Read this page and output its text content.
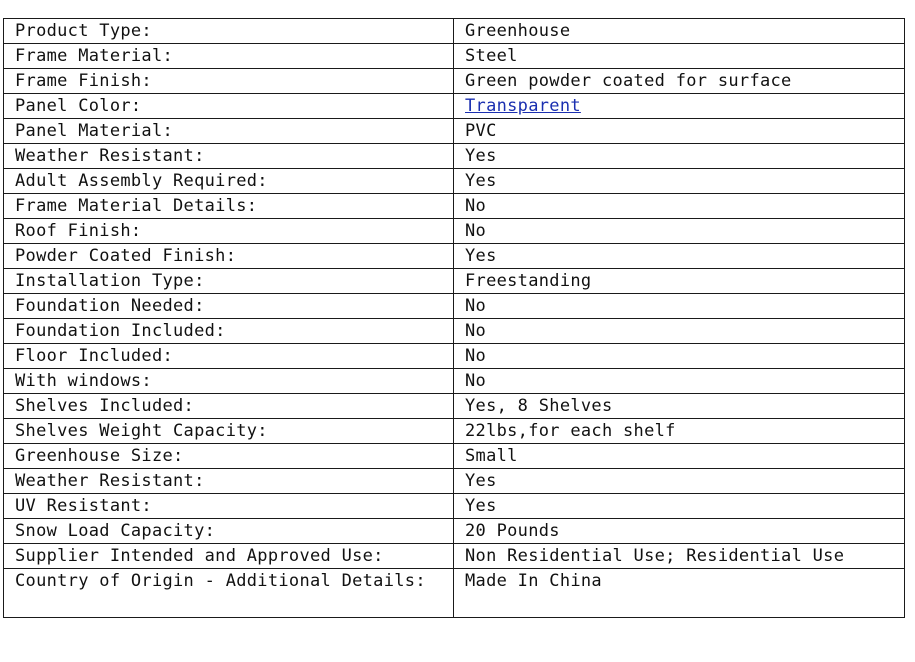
Product Type:	Greenhouse
Frame Material:	Steel
Frame Finish:	Green powder coated for surface
Panel Color:	Transparent
Panel Material:	PVC
Weather Resistant:	Yes
Adult Assembly Required:	Yes
Frame Material Details:	No
Roof Finish:	No
Powder Coated Finish:	Yes
Installation Type:	Freestanding
Foundation Needed:	No
Foundation Included:	No
Floor Included:	No
With windows:	No
Shelves Included:	Yes, 8 Shelves
Shelves Weight Capacity:	22lbs,for each shelf
Greenhouse Size:	Small
Weather Resistant:	Yes
UV Resistant:	Yes
Snow Load Capacity:	20 Pounds
Supplier Intended and Approved Use:	Non Residential Use; Residential Use
Country of Origin - Additional Details:	Made In China
